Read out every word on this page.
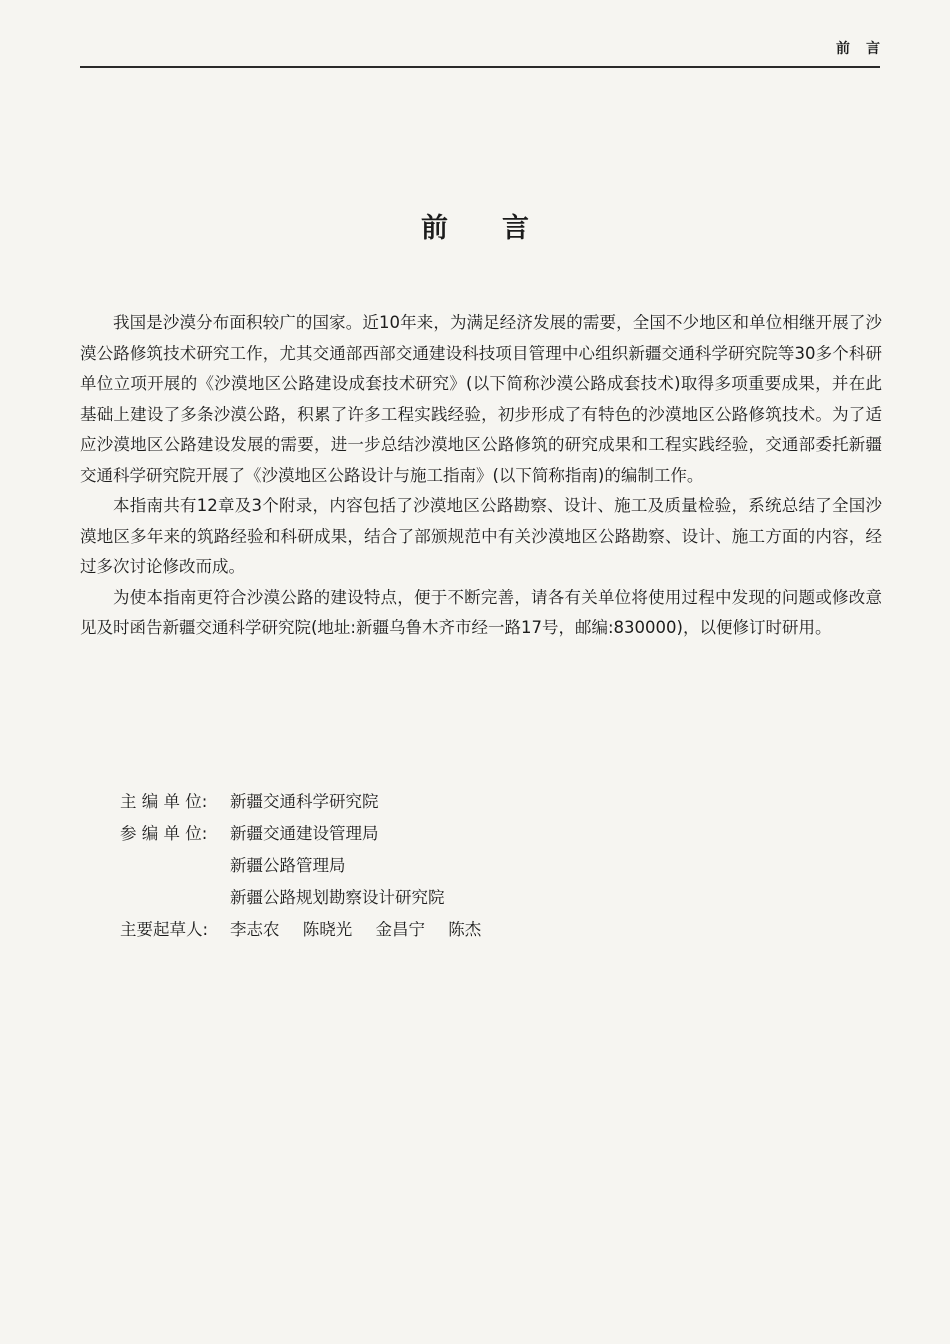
前言
前言

我国是沙漠分布面积较广的国家。近10年来，为满足经济发展的需要，全国不少地区和单位相继开展了沙漠公路修筑技术研究工作，尤其交通部西部交通建设科技项目管理中心组织新疆交通科学研究院等30多个科研单位立项开展的《沙漠地区公路建设成套技术研究》(以下简称沙漠公路成套技术)取得多项重要成果，并在此基础上建设了多条沙漠公路，积累了许多工程实践经验，初步形成了有特色的沙漠地区公路修筑技术。为了适应沙漠地区公路建设发展的需要，进一步总结沙漠地区公路修筑的研究成果和工程实践经验，交通部委托新疆交通科学研究院开展了《沙漠地区公路设计与施工指南》(以下简称指南)的编制工作。

本指南共有12章及3个附录，内容包括了沙漠地区公路勘察、设计、施工及质量检验，系统总结了全国沙漠地区多年来的筑路经验和科研成果，结合了部颁规范中有关沙漠地区公路勘察、设计、施工方面的内容，经过多次讨论修改而成。

为使本指南更符合沙漠公路的建设特点，便于不断完善，请各有关单位将使用过程中发现的问题或修改意见及时函告新疆交通科学研究院(地址:新疆乌鲁木齐市经一路17号，邮编:830000)，以便修订时研用。

主 编 单 位:	新疆交通科学研究院
参 编 单 位:	新疆交通建设管理局
新疆公路管理局
新疆公路规划勘察设计研究院
主要起草人:	李志农 陈晓光 金昌宁 陈杰
